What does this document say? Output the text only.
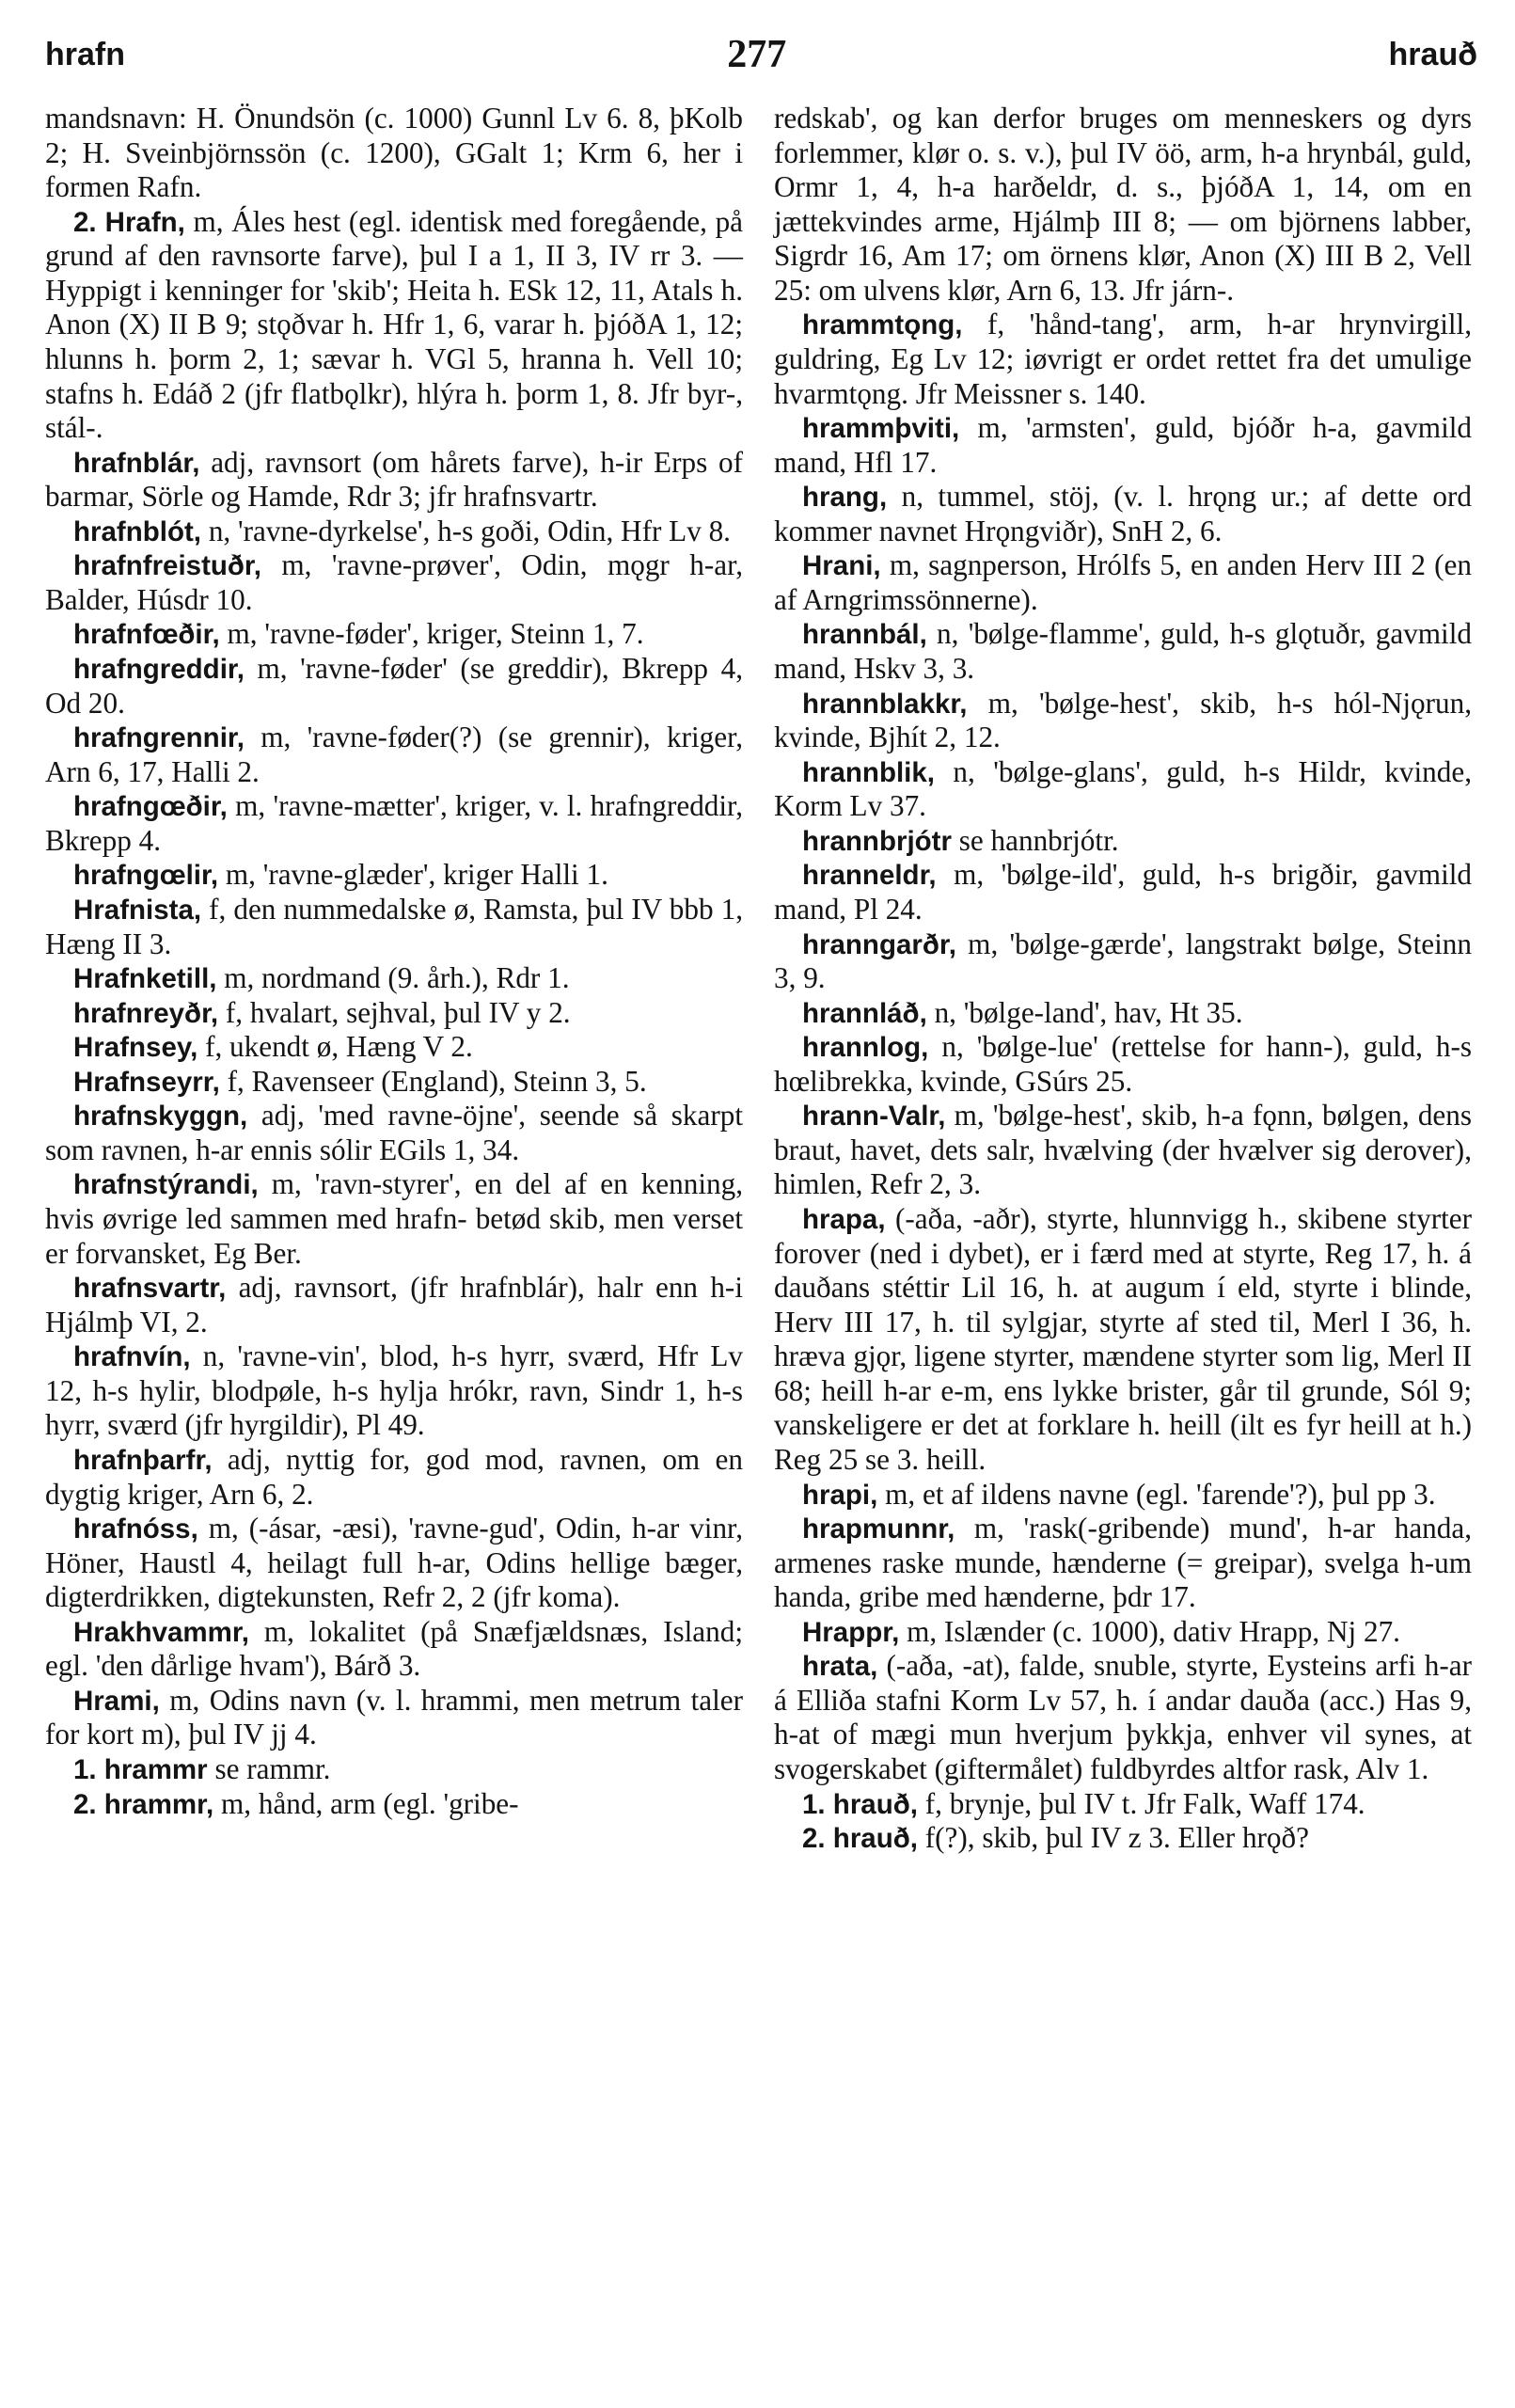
hrafn	277	hrauð

mandsnavn: H. Önundsön (c. 1000) Gunnl Lv 6. 8, þKolb 2; H. Sveinbjörnssön (c. 1200), GGalt 1; Krm 6, her i formen Rafn.

2. Hrafn, m, Áles hest (egl. identisk med foregående, på grund af den ravnsorte farve), þul I a 1, II 3, IV rr 3. — Hyppigt i kenninger for 'skib'; Heita h. ESk 12, 11, Atals h. Anon (X) II B 9; stǫðvar h. Hfr 1, 6, varar h. þjóðA 1, 12; hlunns h. þorm 2, 1; sævar h. VGl 5, hranna h. Vell 10; stafns h. Edáð 2 (jfr flatbǫlkr), hlýra h. þorm 1, 8. Jfr byr-, stál-.

hrafnblár, adj, ravnsort (om hårets farve), h-ir Erps of barmar, Sörle og Hamde, Rdr 3; jfr hrafnsvartr.

hrafnblót, n, 'ravne-dyrkelse', h-s goði, Odin, Hfr Lv 8.

hrafnfreistuðr, m, 'ravne-prøver', Odin, mǫgr h-ar, Balder, Húsdr 10.

hrafnfœðir, m, 'ravne-føder', kriger, Steinn 1, 7.

hrafngreddir, m, 'ravne-føder' (se greddir), Bkrepp 4, Od 20.

hrafngrennir, m, 'ravne-føder(?) (se grennir), kriger, Arn 6, 17, Halli 2.

hrafngœðir, m, 'ravne-mætter', kriger, v. l. hrafngreddir, Bkrepp 4.

hrafngœlir, m, 'ravne-glæder', kriger Halli 1.

Hrafnista, f, den nummedalske ø, Ramsta, þul IV bbb 1, Hæng II 3.

Hrafnketill, m, nordmand (9. årh.), Rdr 1.

hrafnreyðr, f, hvalart, sejhval, þul IV y 2.

Hrafnsey, f, ukendt ø, Hæng V 2.

Hrafnseyrr, f, Ravenseer (England), Steinn 3, 5.

hrafnskyggn, adj, 'med ravne-öjne', seende så skarpt som ravnen, h-ar ennis sólir EGils 1, 34.

hrafnstýrandi, m, 'ravn-styrer', en del af en kenning, hvis øvrige led sammen med hrafn- betød skib, men verset er forvansket, Eg Ber.

hrafnsvartr, adj, ravnsort, (jfr hrafnblár), halr enn h-i Hjálmþ VI, 2.

hrafnvín, n, 'ravne-vin', blod, h-s hyrr, sværd, Hfr Lv 12, h-s hylir, blodpøle, h-s hylja hrókr, ravn, Sindr 1, h-s hyrr, sværd (jfr hyrgildir), Pl 49.

hrafnþarfr, adj, nyttig for, god mod, ravnen, om en dygtig kriger, Arn 6, 2.

hrafnóss, m, (-ásar, -æsi), 'ravne-gud', Odin, h-ar vinr, Höner, Haustl 4, heilagt full h-ar, Odins hellige bæger, digterdrikken, digtekunsten, Refr 2, 2 (jfr koma).

Hrakhvammr, m, lokalitet (på Snæfjældsnæs, Island; egl. 'den dårlige hvam'), Bárð 3.

Hrami, m, Odins navn (v. l. hrammi, men metrum taler for kort m), þul IV jj 4.

1. hrammr se rammr.

2. hrammr, m, hånd, arm (egl. 'gribe-

redskab', og kan derfor bruges om menneskers og dyrs forlemmer, klør o. s. v.), þul IV öö, arm, h-a hrynbál, guld, Ormr 1, 4, h-a harðeldr, d. s., þjóðA 1, 14, om en jættekvindes arme, Hjálmþ III 8; — om björnens labber, Sigrdr 16, Am 17; om örnens klør, Anon (X) III B 2, Vell 25: om ulvens klør, Arn 6, 13. Jfr járn-.

hrammtǫng, f, 'hånd-tang', arm, h-ar hrynvirgill, guldring, Eg Lv 12; iøvrigt er ordet rettet fra det umulige hvarmtǫng. Jfr Meissner s. 140.

hrammþviti, m, 'armsten', guld, bjóðr h-a, gavmild mand, Hfl 17.

hrang, n, tummel, stöj, (v. l. hrǫng ur.; af dette ord kommer navnet Hrǫngviðr), SnH 2, 6.

Hrani, m, sagnperson, Hrólfs 5, en anden Herv III 2 (en af Arngrimssönnerne).

hrannbál, n, 'bølge-flamme', guld, h-s glǫtuðr, gavmild mand, Hskv 3, 3.

hrannblakkr, m, 'bølge-hest', skib, h-s hól-Njǫrun, kvinde, Bjhít 2, 12.

hrannblik, n, 'bølge-glans', guld, h-s Hildr, kvinde, Korm Lv 37.

hrannbrjótr se hannbrjótr.

hranneldr, m, 'bølge-ild', guld, h-s brigðir, gavmild mand, Pl 24.

hranngarðr, m, 'bølge-gærde', langstrakt bølge, Steinn 3, 9.

hrannláð, n, 'bølge-land', hav, Ht 35.

hrannlog, n, 'bølge-lue' (rettelse for hann-), guld, h-s hœlibrekka, kvinde, GSúrs 25.

hrann-Valr, m, 'bølge-hest', skib, h-a fǫnn, bølgen, dens braut, havet, dets salr, hvælving (der hvælver sig derover), himlen, Refr 2, 3.

hrapa, (-aða, -aðr), styrte, hlunnvigg h., skibene styrter forover (ned i dybet), er i færd med at styrte, Reg 17, h. á dauðans stéttir Lil 16, h. at augum í eld, styrte i blinde, Herv III 17, h. til sylgjar, styrte af sted til, Merl I 36, h. hræva gjǫr, ligene styrter, mændene styrter som lig, Merl II 68; heill h-ar e-m, ens lykke brister, går til grunde, Sól 9; vanskeligere er det at forklare h. heill (ilt es fyr heill at h.) Reg 25 se 3. heill.

hrapi, m, et af ildens navne (egl. 'farende'?), þul pp 3.

hrapmunnr, m, 'rask(-gribende) mund', h-ar handa, armenes raske munde, hænderne (= greipar), svelga h-um handa, gribe med hænderne, þdr 17.

Hrappr, m, Islænder (c. 1000), dativ Hrapp, Nj 27.

hrata, (-aða, -at), falde, snuble, styrte, Eysteins arfi h-ar á Elliða stafni Korm Lv 57, h. í andar dauða (acc.) Has 9, h-at of mægi mun hverjum þykkja, enhver vil synes, at svogerskabet (giftermålet) fuldbyrdes altfor rask, Alv 1.

1. hrauð, f, brynje, þul IV t. Jfr Falk, Waff 174.

2. hrauð, f(?), skib, þul IV z 3. Eller hrǫð?
